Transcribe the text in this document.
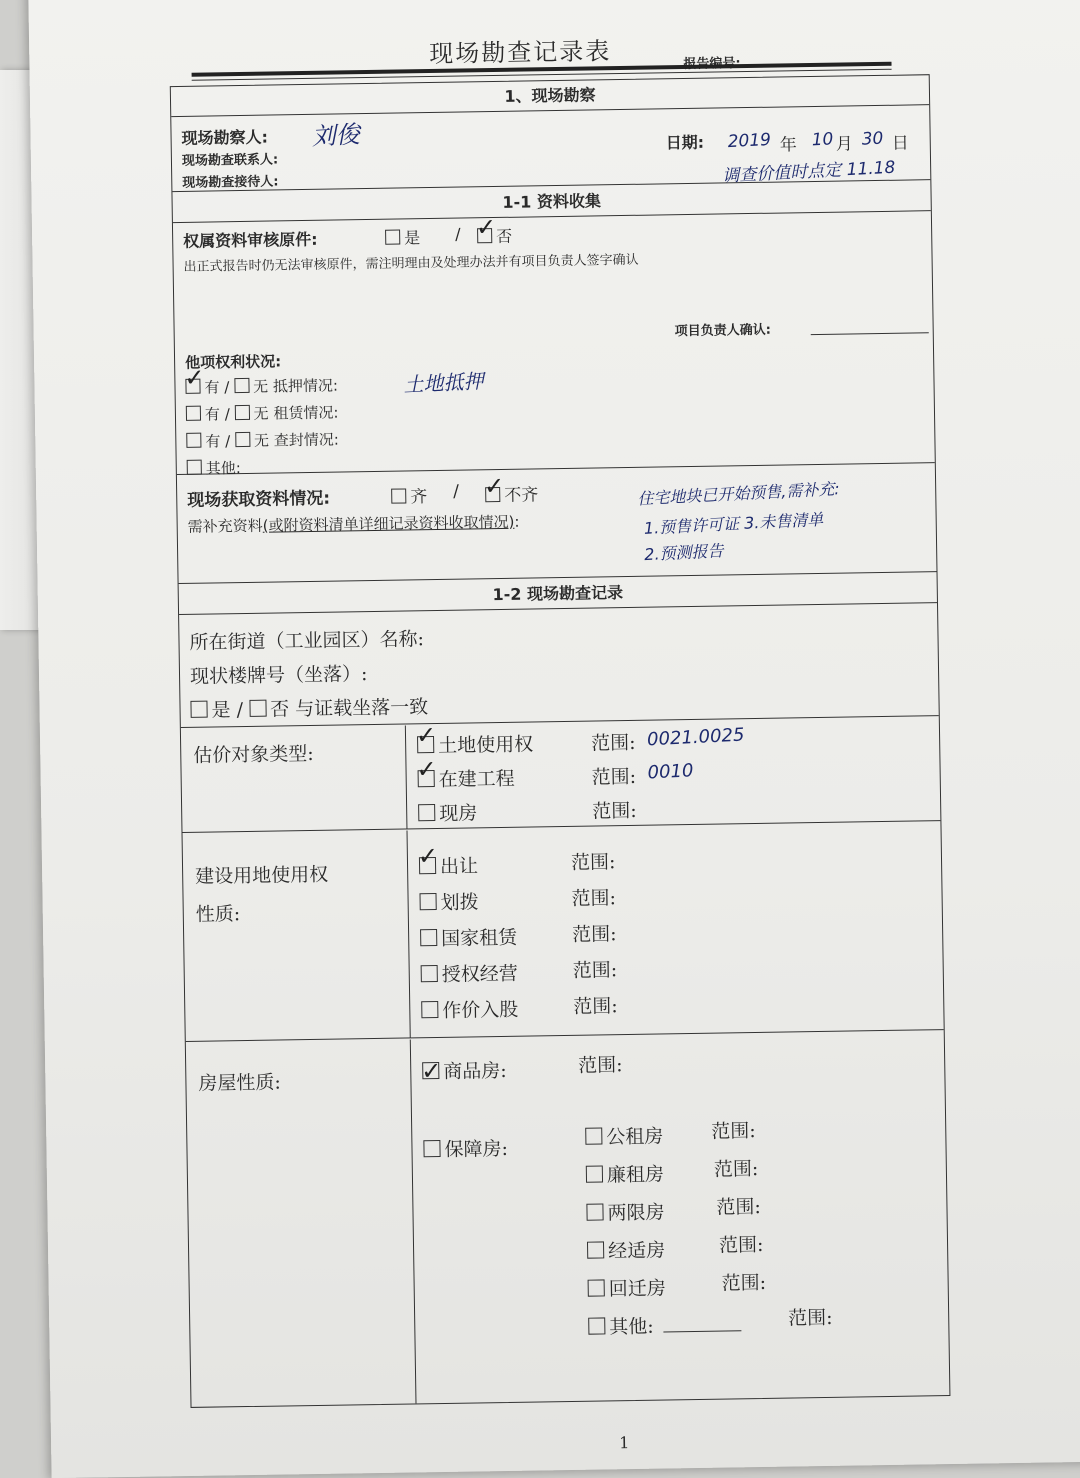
现场勘查记录表
1、现场勘察
现场勘察人: 刘俊
现场勘查联系人:
现场勘查接待人:
日期: 2019 年 10 月 30 日
调查价值时点定 11.18
1-1 资料收集
权属资料审核原件:	是 / ✓ 否
出正式报告时仍无法审核原件，需注明理由及处理办法并有项目负责人签字确认
项目负责人确认:
他项权利状况:
✓ 有 / 无 抵押情况:	土地抵押
有 / 无 租赁情况:
有 / 无 查封情况:
其他:
现场获取资料情况:	齐 / ✓ 不齐
需补充资料(或附资料清单详细记录资料收取情况):
住宅地块已开始预售,需补充:
1.预售许可证 3.未售清单
2.预测报告
1-2 现场勘查记录
所在街道（工业园区）名称:
现状楼牌号（坐落）:
是 / 否 与证载坐落一致
估价对象类型:
✓ 土地使用权	范围: 0021.0025
✓ 在建工程	范围: 0010
现房	范围:
建设用地使用权
性质:
✓ 出让	范围:
划拨	范围:
国家租赁	范围:
授权经营	范围:
作价入股	范围:
房屋性质:	✓ 商品房:	范围:
保障房:
公租房	范围:
廉租房	范围:
两限房	范围:
经适房	范围:
回迁房	范围:
其他:	范围:
1
